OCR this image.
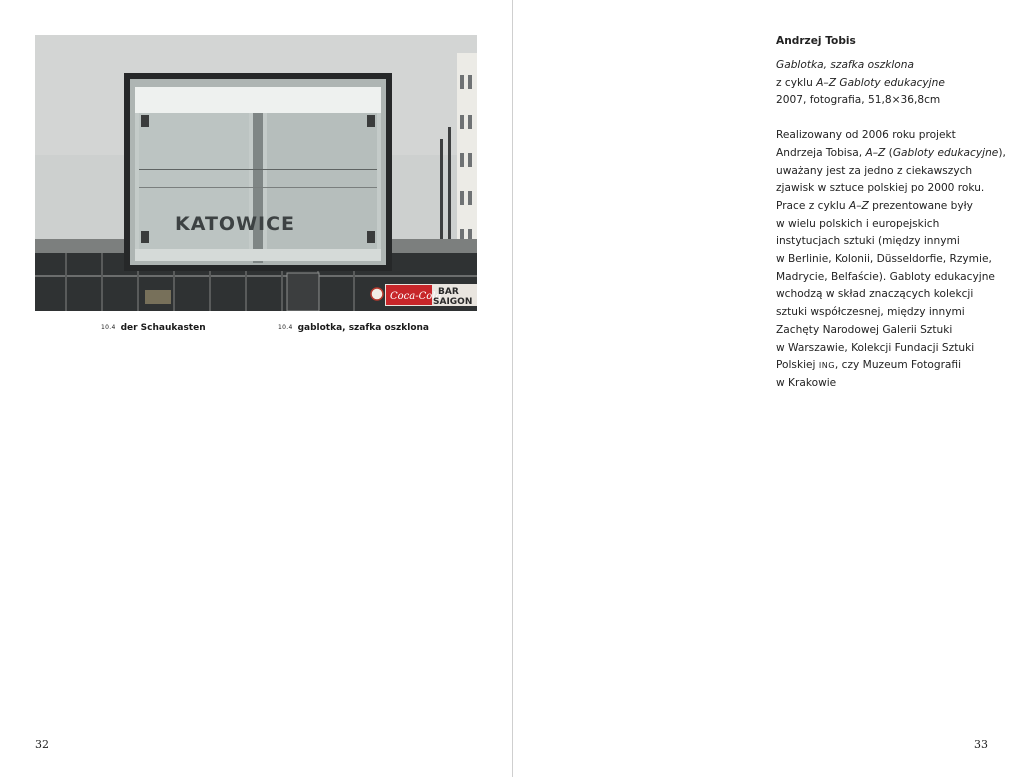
KATOWICE
Coca-Cola
BAR
SAIGON
10.4 der Schaukasten	10.4 gablotka, szafka oszklona
32
Andrzej Tobis
Gablotka, szafka oszklona
z cyklu A–Z Gabloty edukacyjne
2007, fotografia, 51,8×36,8cm
Realizowany od 2006 roku projekt
Andrzeja Tobisa, A–Z (Gabloty edukacyjne),
uważany jest za jedno z ciekawszych
zjawisk w sztuce polskiej po 2000 roku.
Prace z cyklu A–Z prezentowane były
w wielu polskich i europejskich
instytucjach sztuki (między innymi
w Berlinie, Kolonii, Düsseldorfie, Rzymie,
Madrycie, Belfaście). Gabloty edukacyjne
wchodzą w skład znaczących kolekcji
sztuki współczesnej, między innymi
Zachęty Narodowej Galerii Sztuki
w Warszawie, Kolekcji Fundacji Sztuki
Polskiej ING, czy Muzeum Fotografii
w Krakowie
33
